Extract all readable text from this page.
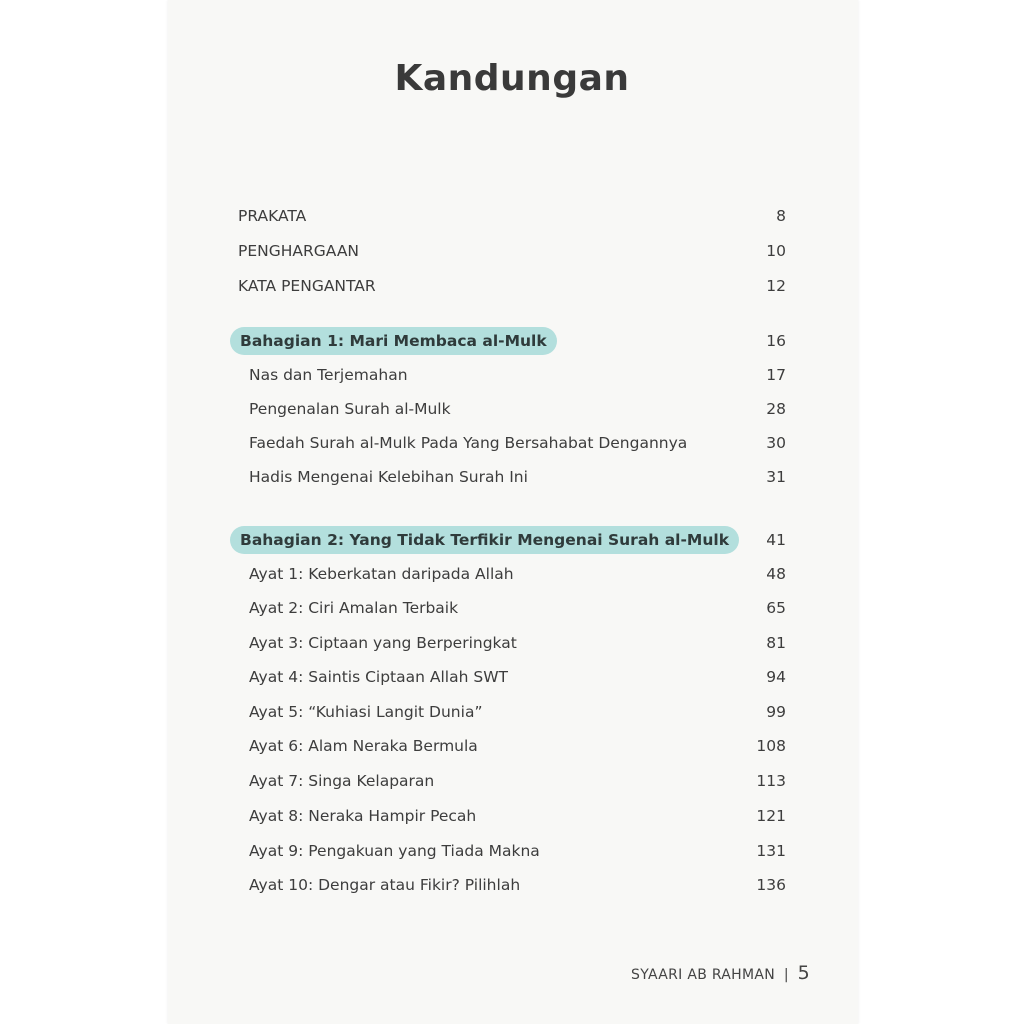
Kandungan
PRAKATA	8
PENGHARGAAN	10
KATA PENGANTAR	12
Bahagian 1: Mari Membaca al-Mulk	16
Nas dan Terjemahan	17
Pengenalan Surah al-Mulk	28
Faedah Surah al-Mulk Pada Yang Bersahabat Dengannya	30
Hadis Mengenai Kelebihan Surah Ini	31
Bahagian 2: Yang Tidak Terfikir Mengenai Surah al-Mulk	41
Ayat 1: Keberkatan daripada Allah	48
Ayat 2: Ciri Amalan Terbaik	65
Ayat 3: Ciptaan yang Berperingkat	81
Ayat 4: Saintis Ciptaan Allah SWT	94
Ayat 5: “Kuhiasi Langit Dunia”	99
Ayat 6: Alam Neraka Bermula	108
Ayat 7: Singa Kelaparan	113
Ayat 8: Neraka Hampir Pecah	121
Ayat 9: Pengakuan yang Tiada Makna	131
Ayat 10: Dengar atau Fikir? Pilihlah	136
SYAARI AB RAHMAN | 5
